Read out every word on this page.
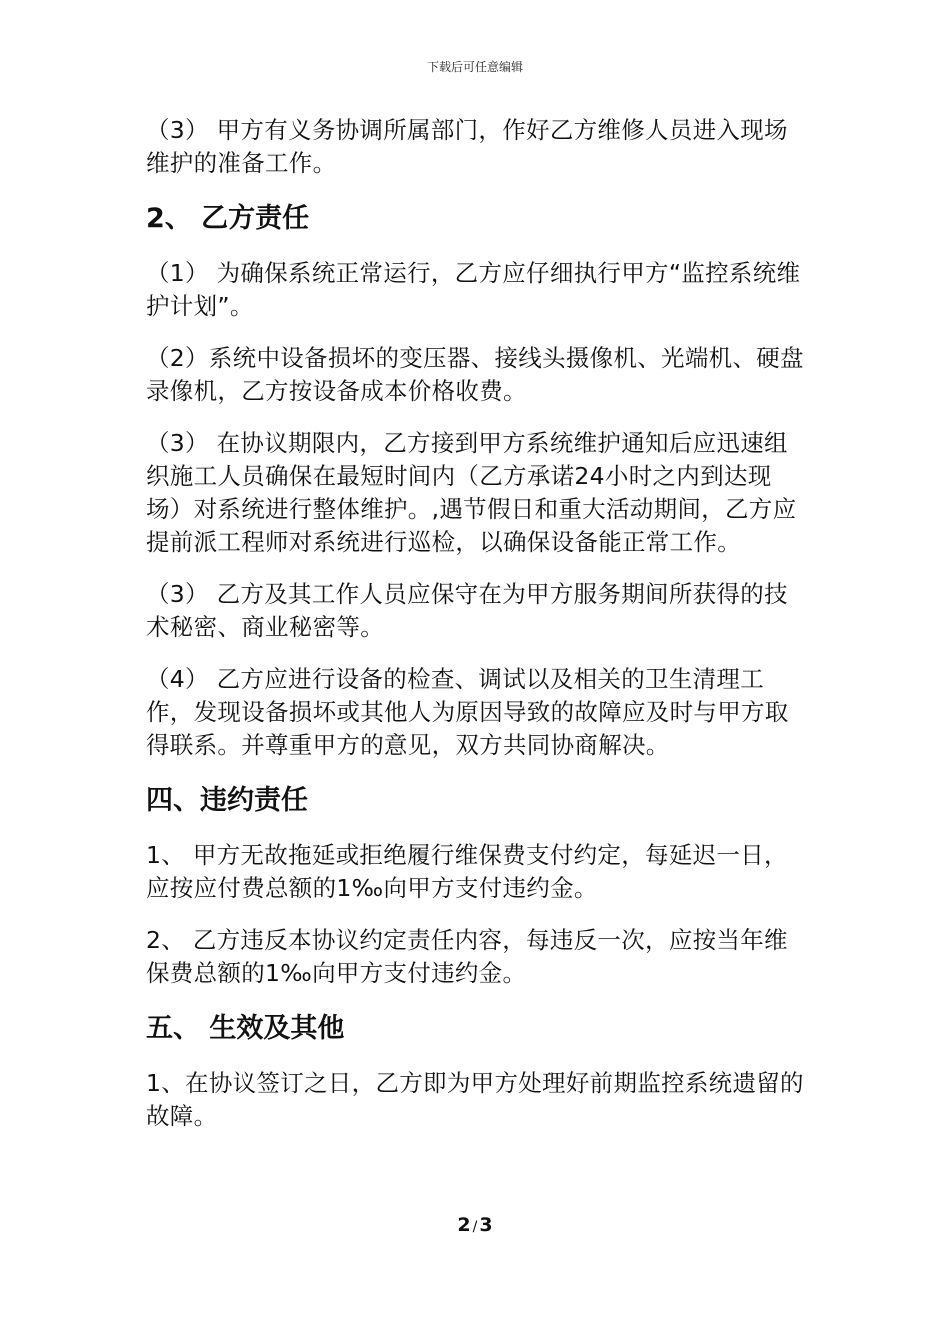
下载后可任意编辑

（3） 甲方有义务协调所属部门，作好乙方维修人员进入现场维护的准备工作。

2、 乙方责任

（1） 为确保系统正常运行，乙方应仔细执行甲方“监控系统维护计划”。

（2）系统中设备损坏的变压器、接线头摄像机、光端机、硬盘录像机，乙方按设备成本价格收费。

（3） 在协议期限内，乙方接到甲方系统维护通知后应迅速组织施工人员确保在最短时间内（乙方承诺24小时之内到达现场）对系统进行整体维护。,遇节假日和重大活动期间，乙方应提前派工程师对系统进行巡检，以确保设备能正常工作。

（3） 乙方及其工作人员应保守在为甲方服务期间所获得的技术秘密、商业秘密等。

（4） 乙方应进行设备的检查、调试以及相关的卫生清理工作，发现设备损坏或其他人为原因导致的故障应及时与甲方取得联系。并尊重甲方的意见，双方共同协商解决。

四、违约责任

1、 甲方无故拖延或拒绝履行维保费支付约定，每延迟一日，应按应付费总额的1‰向甲方支付违约金。

2、 乙方违反本协议约定责任内容，每违反一次，应按当年维保费总额的1‰向甲方支付违约金。

五、 生效及其他

1、在协议签订之日，乙方即为甲方处理好前期监控系统遗留的故障。

2 / 3
